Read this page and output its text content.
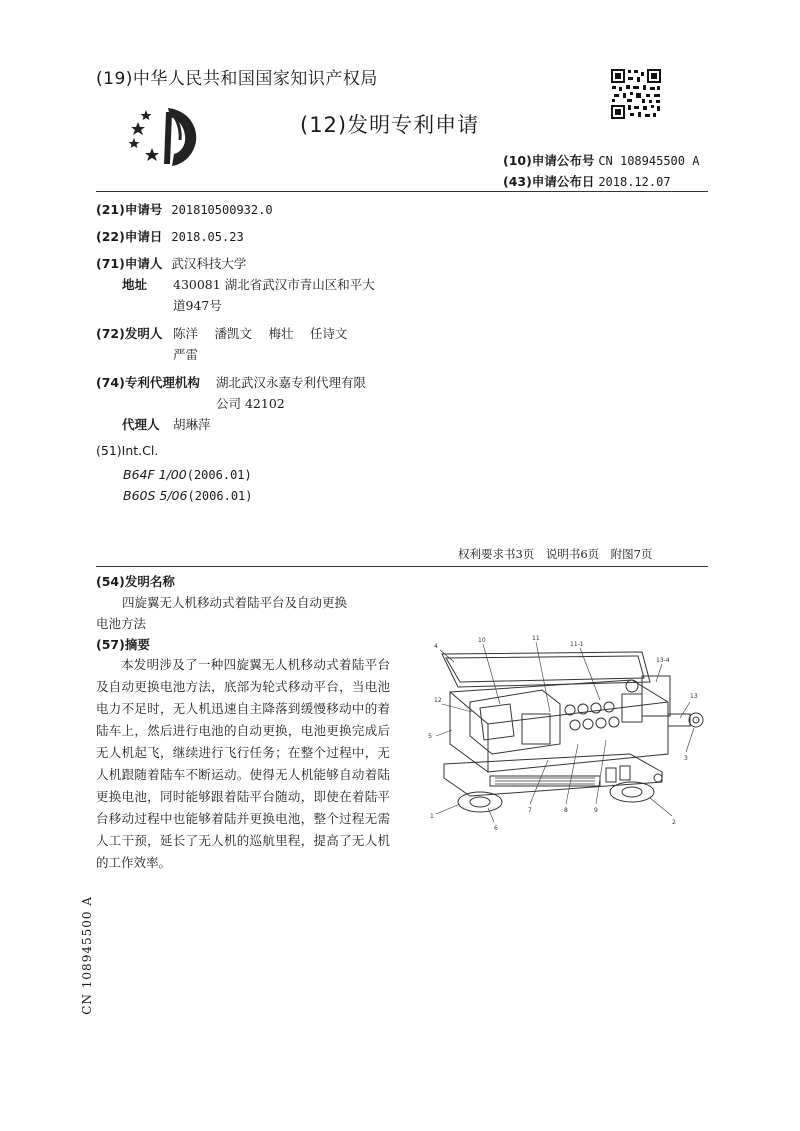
(19)中华人民共和国国家知识产权局
(12)发明专利申请
(10)申请公布号 CN 108945500 A
(43)申请公布日 2018.12.07
(21)申请号 201810500932.0
(22)申请日 2018.05.23
(71)申请人 武汉科技大学
地址 430081 湖北省武汉市青山区和平大
道947号
(72)发明人 陈洋　 潘凯文　 梅壮　 任诗文
严雷
(74)专利代理机构 湖北武汉永嘉专利代理有限
公司 42102
代理人 胡琳萍
(51)Int.Cl.
B64F 1/00(2006.01)
B60S 5/06(2006.01)
权利要求书3页　说明书6页　附图7页
(54)发明名称
四旋翼无人机移动式着陆平台及自动更换
电池方法
(57)摘要
本发明涉及了一种四旋翼无人机移动式着陆平台及自动更换电池方法，底部为轮式移动平台，当电池电力不足时，无人机迅速自主降落到缓慢移动中的着陆车上，然后进行电池的自动更换，电池更换完成后无人机起飞，继续进行飞行任务；在整个过程中，无人机跟随着陆车不断运动。使得无人机能够自动着陆更换电池，同时能够跟着陆平台随动，即使在着陆平台移动过程中也能够着陆并更换电池，整个过程无需人工干预，延长了无人机的巡航里程，提高了无人机的工作效率。
4
10	11
11-1
13-4
12
5
13
3
1
6
7	8	9
2
CN 108945500 A
